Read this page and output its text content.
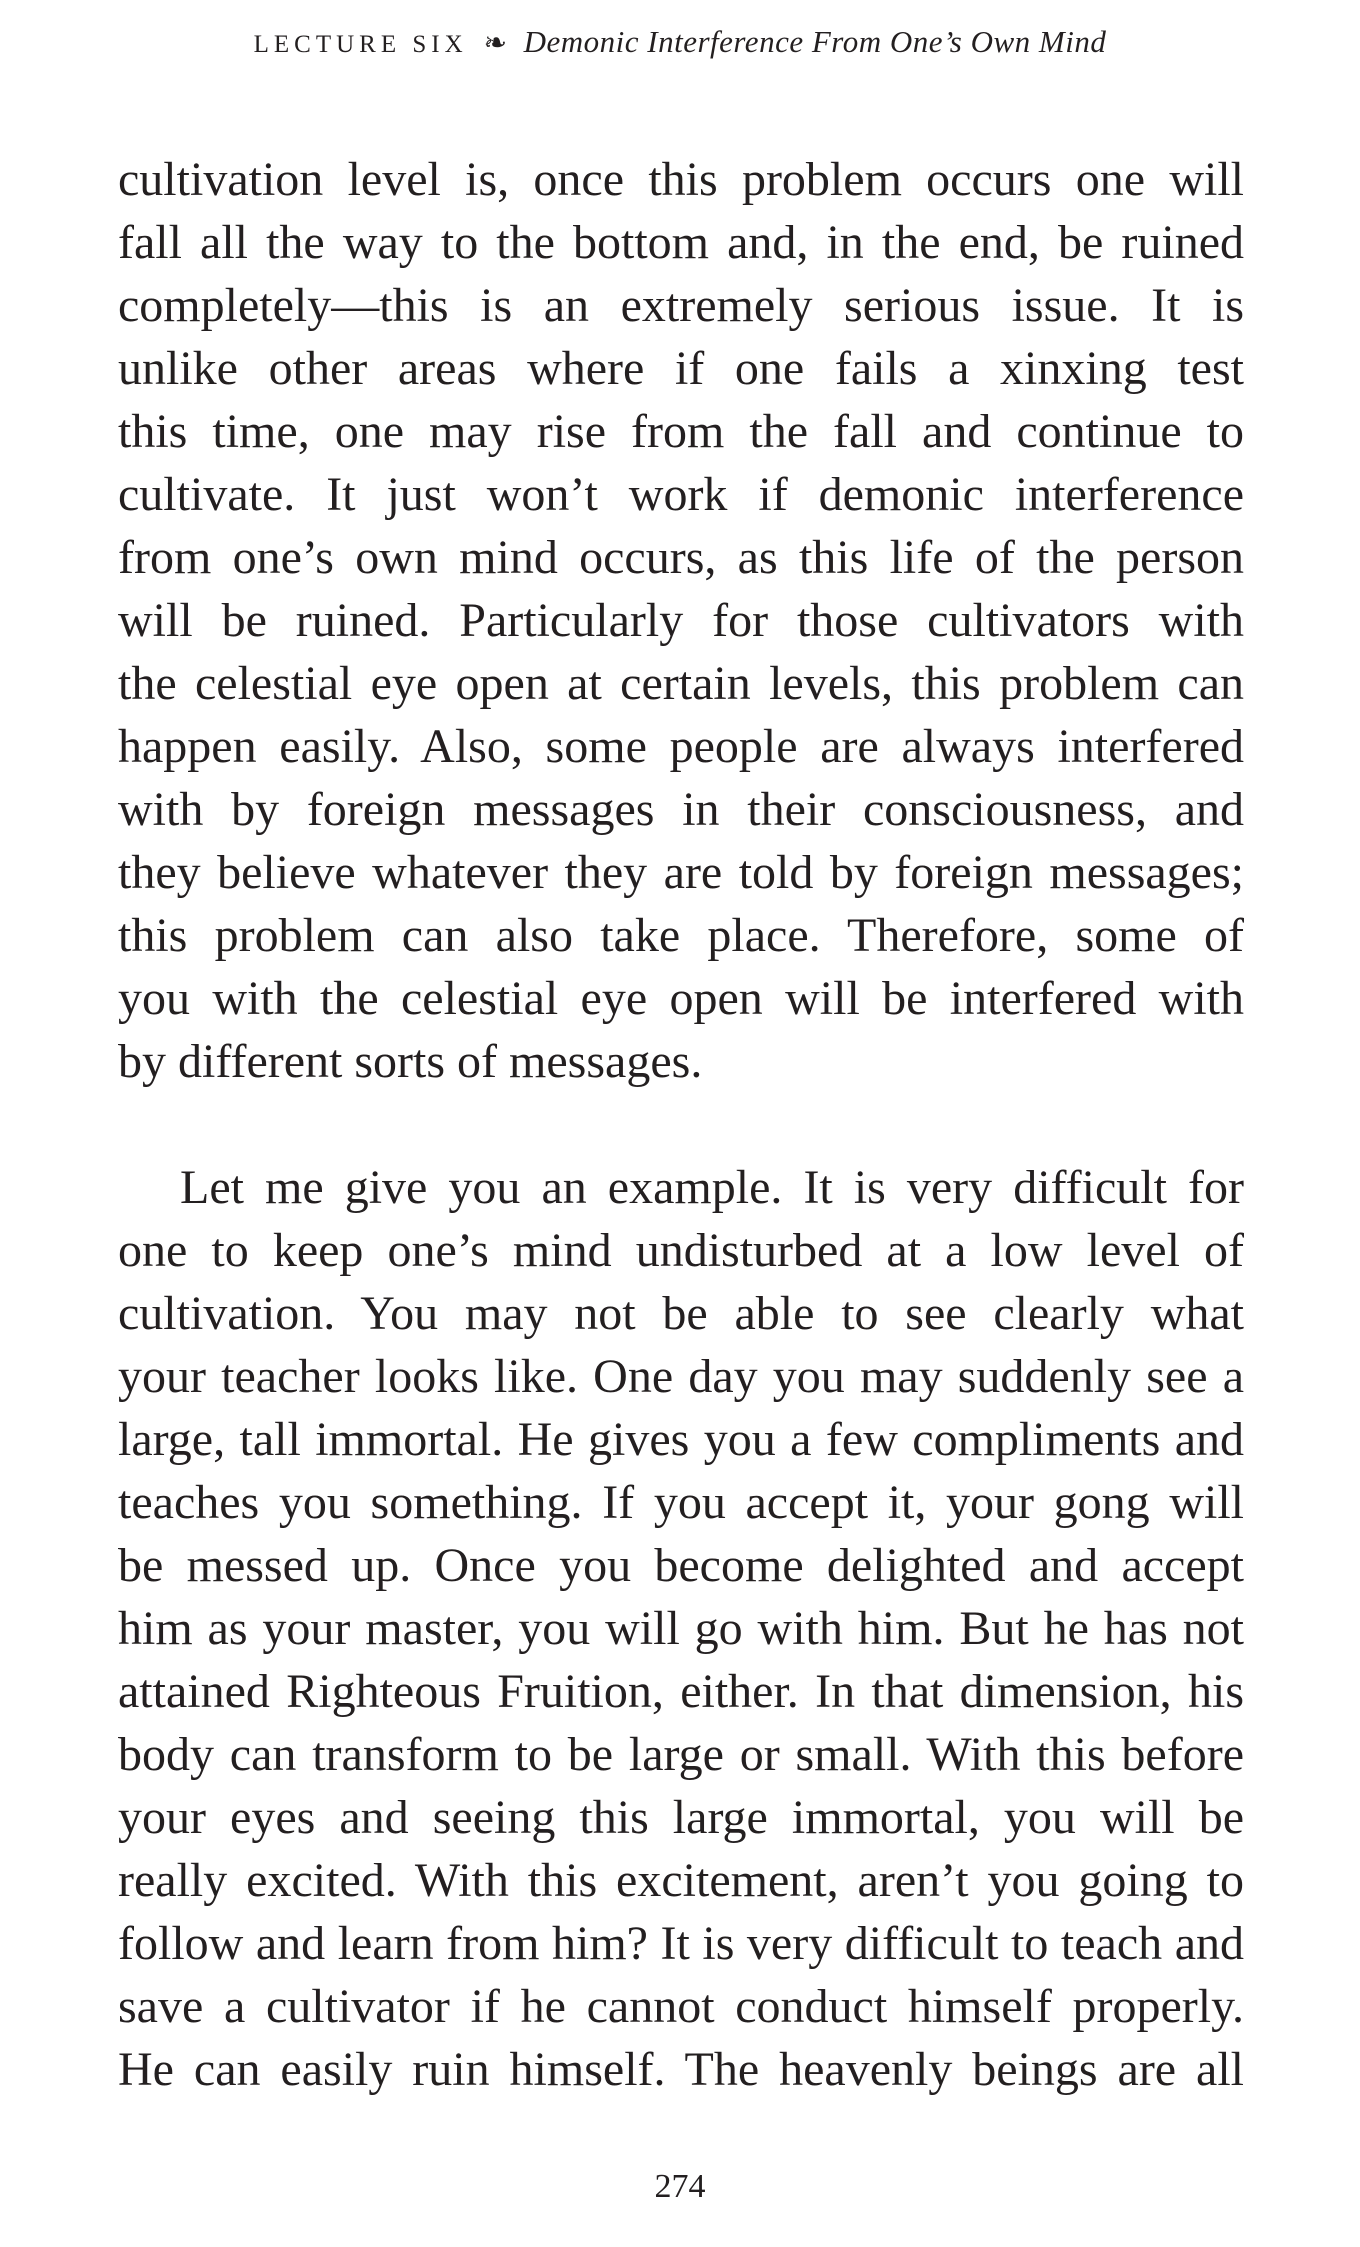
LECTURE SIX ❧ Demonic Interference From One’s Own Mind

cultivation level is, once this problem occurs one will
fall all the way to the bottom and, in the end, be ruined
completely—this is an extremely serious issue. It is
unlike other areas where if one fails a xinxing test
this time, one may rise from the fall and continue to
cultivate. It just won’t work if demonic interference
from one’s own mind occurs, as this life of the person
will be ruined. Particularly for those cultivators with
the celestial eye open at certain levels, this problem can
happen easily. Also, some people are always interfered
with by foreign messages in their consciousness, and
they believe whatever they are told by foreign messages;
this problem can also take place. Therefore, some of
you with the celestial eye open will be interfered with
by different sorts of messages.

Let me give you an example. It is very difficult for
one to keep one’s mind undisturbed at a low level of
cultivation. You may not be able to see clearly what
your teacher looks like. One day you may suddenly see a
large, tall immortal. He gives you a few compliments and
teaches you something. If you accept it, your gong will
be messed up. Once you become delighted and accept
him as your master, you will go with him. But he has not
attained Righteous Fruition, either. In that dimension, his
body can transform to be large or small. With this before
your eyes and seeing this large immortal, you will be
really excited. With this excitement, aren’t you going to
follow and learn from him? It is very difficult to teach and
save a cultivator if he cannot conduct himself properly.
He can easily ruin himself. The heavenly beings are all

274
